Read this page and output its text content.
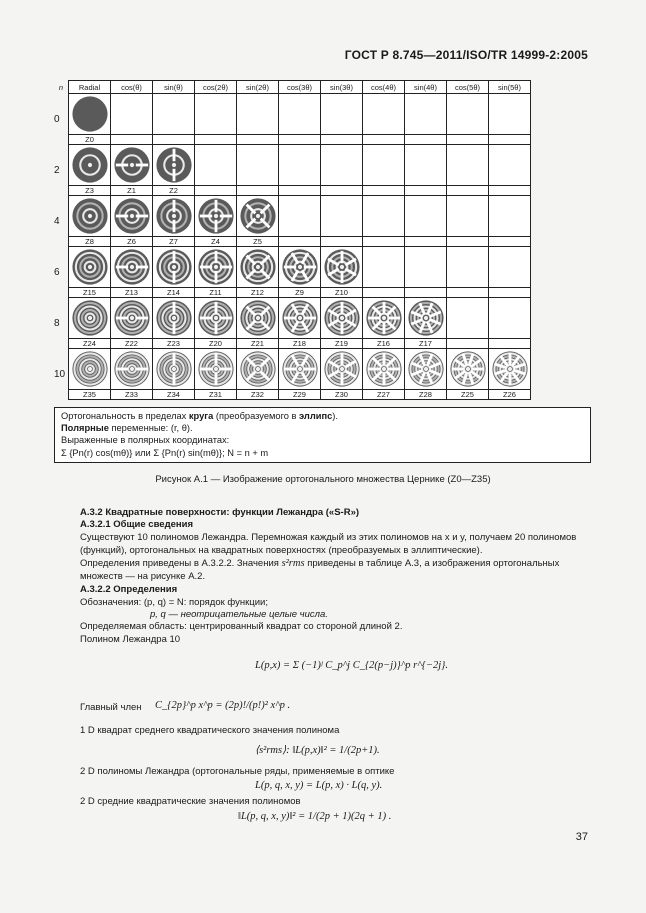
ГОСТ Р 8.745—2011/ISO/TR 14999-2:2005
n	Radial	cos(θ)	sin(θ)	cos(2θ)	sin(2θ)	cos(3θ)	sin(3θ)	cos(4θ)	sin(4θ)	cos(5θ)	sin(5θ)
0	

	Z0										
2	

	Z3	Z1	Z2								
4	

	Z8	Z6	Z7	Z4	Z5						
6	

	Z15	Z13	Z14	Z11	Z12	Z9	Z10				
8	

	Z24	Z22	Z23	Z20	Z21	Z18	Z19	Z16	Z17		
10	

	Z35	Z33	Z34	Z31	Z32	Z29	Z30	Z27	Z28	Z25	Z26
Ортогональность в пределах круга (преобразуемого в эллипс).
Полярные переменные: (r, θ).
Выраженные в полярных координатах:
Σ {Pn(r) cos(mθ)} или Σ {Pn(r) sin(mθ)}; N = n + m
Рисунок А.1 — Изображение ортогонального множества Цернике (Z0—Z35)
А.3.2 Квадратные поверхности: функции Лежандра («S-R»)
А.3.2.1 Общие сведения
Существуют 10 полиномов Лежандра. Перемножая каждый из этих полиномов на x и y, получаем 20 полиномов (функций), ортогональных на квадратных поверхностях (преобразуемых в эллиптические).
Определения приведены в А.3.2.2. Значения s²rms приведены в таблице А.3, а изображения ортогональных
множеств — на рисунке А.2.
А.3.2.2 Определения
Обозначения: (p, q) = N: порядок функции;
p, q — неотрицательные целые числа.
Определяемая область: центрированный квадрат со стороной длиной 2.
Полином Лежандра 10
L(p,x) = Σ (−1)ʲ C_p^j C_{2(p−j)}^p r^{−2j}.
Главный член C_{2p}^p x^p = (2p)!/(p!)² x^p .
1 D квадрат среднего квадратического значения полинома
⟨s²rms⟩: ‖L(p,x)‖² = 1/(2p+1).
2 D полиномы Лежандра (ортогональные ряды, применяемые в оптике
L(p, q, x, y) = L(p, x) · L(q, y).
2 D средние квадратические значения полиномов
‖L(p, q, x, y)‖² = 1/(2p + 1)(2q + 1) .
37
